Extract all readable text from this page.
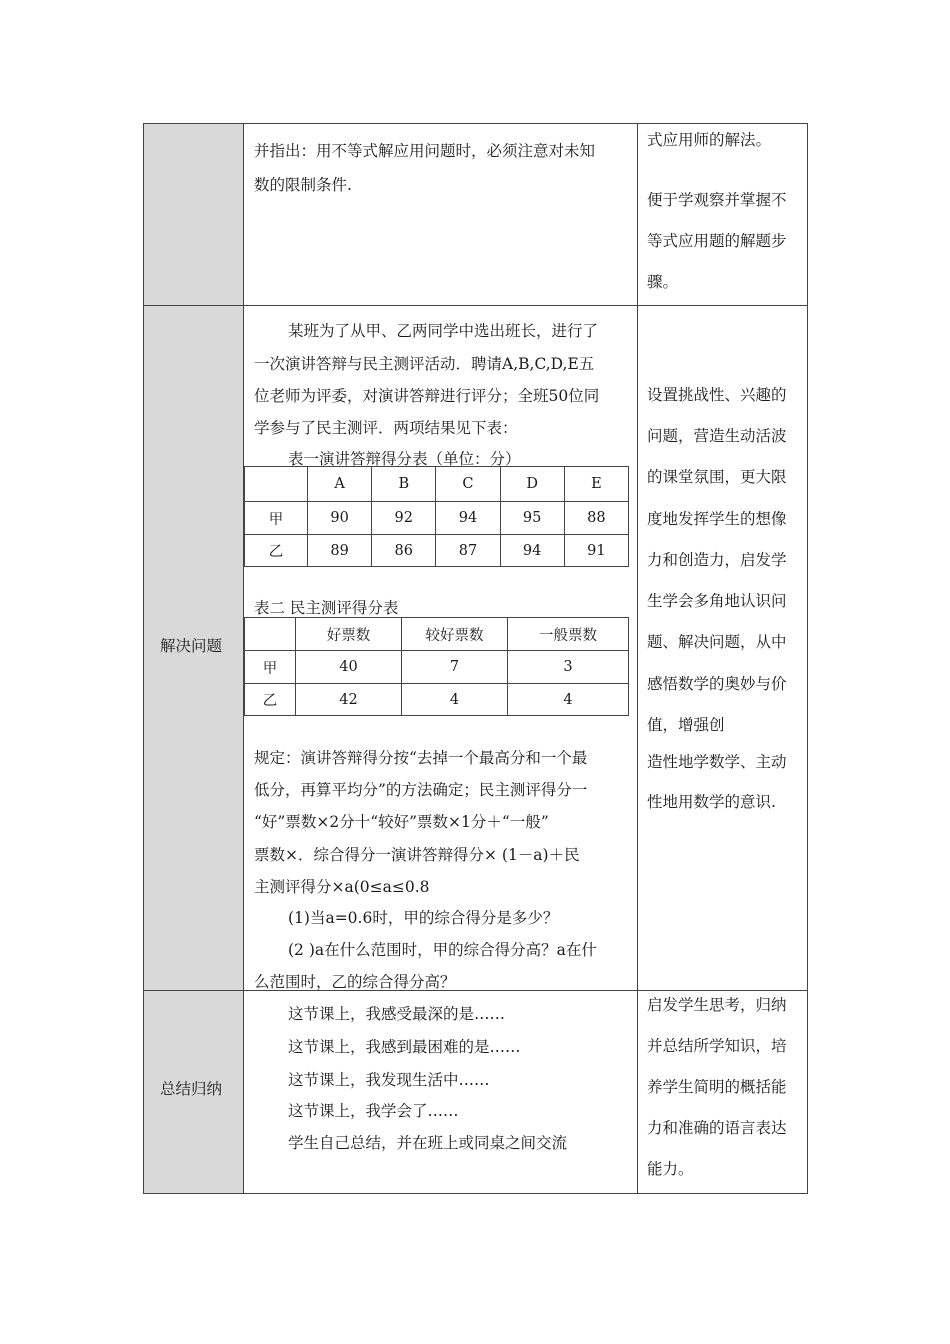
并指出：用不等式解应用问题时，必须注意对未知
数的限制条件.
式应用师的解法。
便于学观察并掌握不
等式应用题的解题步
骤。
解决问题
某班为了从甲、乙两同学中选出班长，进行了
一次演讲答辩与民主测评活动．聘请A,B,C,D,E五
位老师为评委，对演讲答辩进行评分；全班50位同
学参与了民主测评．两项结果见下表：
表一演讲答辩得分表（单位：分）
	A	B	C	D	E
甲	90	92	94	95	88
乙	89	86	87	94	91
表二 民主测评得分表
	好票数	较好票数	一般票数
甲	40	7	3
乙	42	4	4
规定：演讲答辩得分按“去掉一个最高分和一个最
低分，再算平均分”的方法确定；民主测评得分一
“好”票数×2分十“较好”票数×1分＋“一般”
票数×．综合得分一演讲答辩得分× (1－a)＋民
主测评得分×a(0≤a≤0.8
(1)当a=0.6时，甲的综合得分是多少？
(2 )a在什么范围时，甲的综合得分高？a在什
么范围时，乙的综合得分高？
设置挑战性、兴趣的
问题，营造生动活波
的课堂氛围，更大限
度地发挥学生的想像
力和创造力，启发学
生学会多角地认识问
题、解决问题，从中
感悟数学的奥妙与价
值，增强创
造性地学数学、主动
性地用数学的意识.
总结归纳
这节课上，我感受最深的是……
这节课上，我感到最困难的是……
这节课上，我发现生活中……
这节课上，我学会了……
学生自己总结，并在班上或同桌之间交流
启发学生思考，归纳
并总结所学知识，培
养学生简明的概括能
力和准确的语言表达
能力。
